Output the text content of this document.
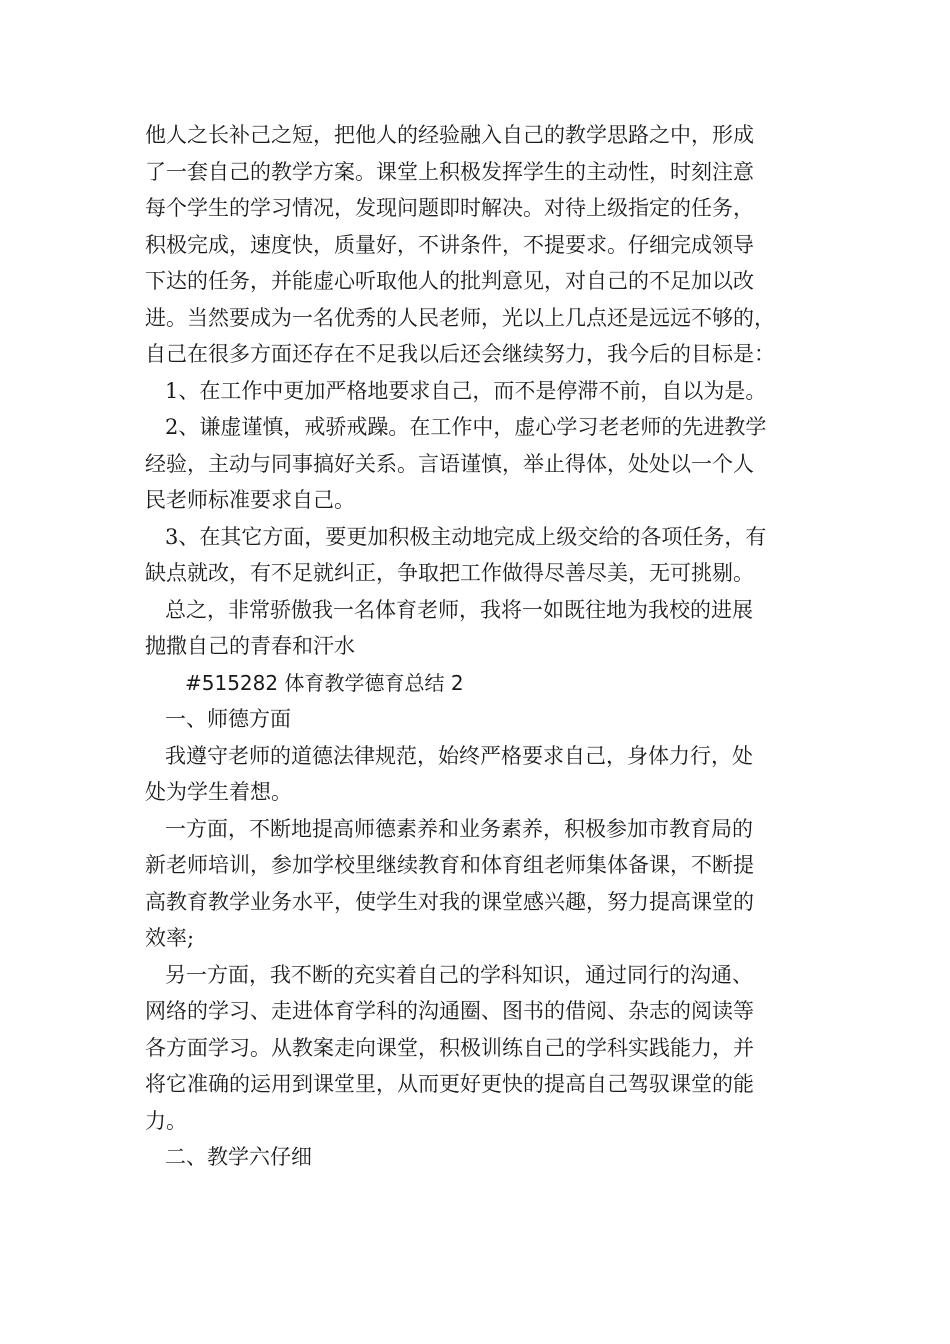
他人之长补己之短，把他人的经验融入自己的教学思路之中，形成
了一套自己的教学方案。课堂上积极发挥学生的主动性，时刻注意
每个学生的学习情况，发现问题即时解决。对待上级指定的任务，
积极完成，速度快，质量好，不讲条件，不提要求。仔细完成领导
下达的任务，并能虚心听取他人的批判意见，对自己的不足加以改
进。当然要成为一名优秀的人民老师，光以上几点还是远远不够的，
自己在很多方面还存在不足我以后还会继续努力，我今后的目标是：
1、在工作中更加严格地要求自己，而不是停滞不前，自以为是。
2、谦虚谨慎，戒骄戒躁。在工作中，虚心学习老老师的先进教学
经验，主动与同事搞好关系。言语谨慎，举止得体，处处以一个人
民老师标准要求自己。
3、在其它方面，要更加积极主动地完成上级交给的各项任务，有
缺点就改，有不足就纠正，争取把工作做得尽善尽美，无可挑剔。
总之，非常骄傲我一名体育老师，我将一如既往地为我校的进展
抛撒自己的青春和汗水
#515282 体育教学德育总结 2
一、师德方面
我遵守老师的道德法律规范，始终严格要求自己，身体力行，处
处为学生着想。
一方面，不断地提高师德素养和业务素养，积极参加市教育局的
新老师培训，参加学校里继续教育和体育组老师集体备课，不断提
高教育教学业务水平，使学生对我的课堂感兴趣，努力提高课堂的
效率;
另一方面，我不断的充实着自己的学科知识，通过同行的沟通、
网络的学习、走进体育学科的沟通圈、图书的借阅、杂志的阅读等
各方面学习。从教案走向课堂，积极训练自己的学科实践能力，并
将它准确的运用到课堂里，从而更好更快的提高自己驾驭课堂的能
力。
二、教学六仔细
